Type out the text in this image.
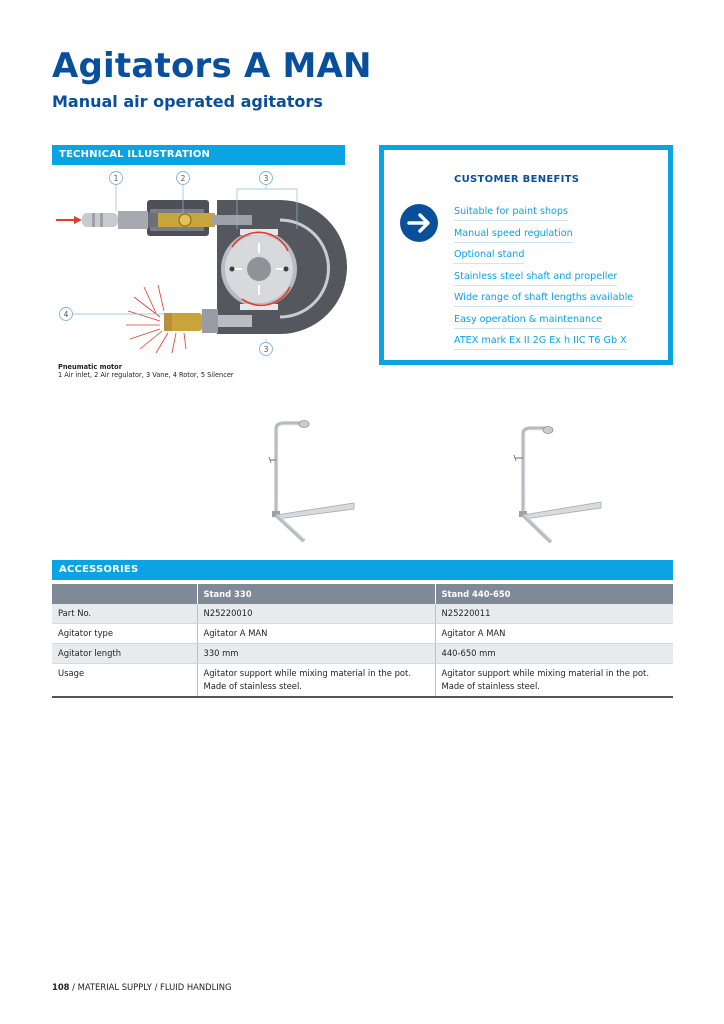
Agitators A MAN
Manual air operated agitators
TECHNICAL ILLUSTRATION
1	2	3
4
3
Pneumatic motor
1 Air inlet, 2 Air regulator, 3 Vane, 4 Rotor, 5 Silencer
CUSTOMER BENEFITS
Suitable for paint shops
Manual speed regulation
Optional stand
Stainless steel shaft and propeller
Wide range of shaft lengths available
Easy operation & maintenance
ATEX mark Ex II 2G Ex h IIC T6 Gb X
ACCESSORIES
	Stand 330	Stand 440-650
Part No.	N25220010	N25220011
Agitator type	Agitator A MAN	Agitator A MAN
Agitator length	330 mm	440-650 mm
Usage	Agitator support while mixing material in the pot. Made of stainless steel.	Agitator support while mixing material in the pot. Made of stainless steel.
108 / MATERIAL SUPPLY / FLUID HANDLING
